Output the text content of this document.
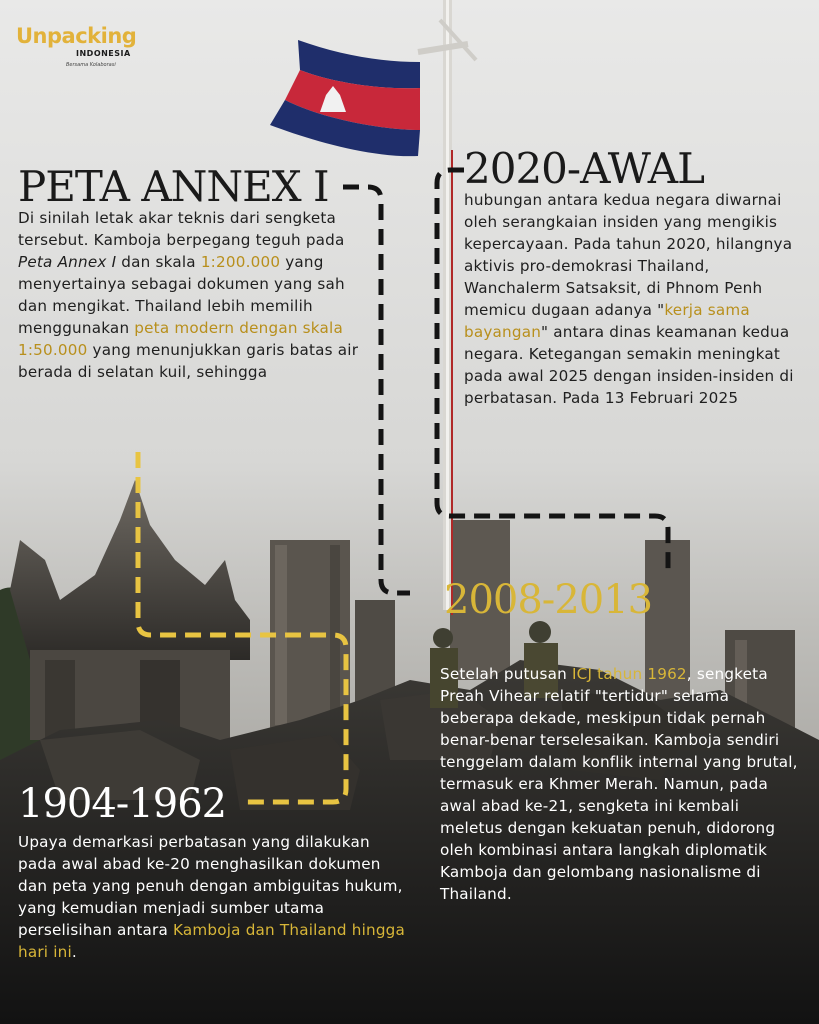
Unpacking
INDONESIA
Bersama Kolaborasi
PETA ANNEX I
Di sinilah letak akar teknis dari sengketa tersebut. Kamboja berpegang teguh pada Peta Annex I dan skala 1:200.000 yang menyertainya sebagai dokumen yang sah dan mengikat. Thailand lebih memilih menggunakan peta modern dengan skala 1:50.000 yang menunjukkan garis batas air berada di selatan kuil, sehingga
2020-AWAL
hubungan antara kedua negara diwarnai oleh serangkaian insiden yang mengikis kepercayaan. Pada tahun 2020, hilangnya aktivis pro-demokrasi Thailand, Wanchalerm Satsaksit, di Phnom Penh memicu dugaan adanya "kerja sama bayangan" antara dinas keamanan kedua negara. Ketegangan semakin meningkat pada awal 2025 dengan insiden-insiden di perbatasan. Pada 13 Februari 2025
2008-2013
Setelah putusan ICJ tahun 1962, sengketa Preah Vihear relatif "tertidur" selama beberapa dekade, meskipun tidak pernah benar-benar terselesaikan. Kamboja sendiri tenggelam dalam konflik internal yang brutal, termasuk era Khmer Merah. Namun, pada awal abad ke-21, sengketa ini kembali meletus dengan kekuatan penuh, didorong oleh kombinasi antara langkah diplomatik Kamboja dan gelombang nasionalisme di Thailand.
1904-1962
Upaya demarkasi perbatasan yang dilakukan pada awal abad ke-20 menghasilkan dokumen dan peta yang penuh dengan ambiguitas hukum, yang kemudian menjadi sumber utama perselisihan antara Kamboja dan Thailand hingga hari ini.
